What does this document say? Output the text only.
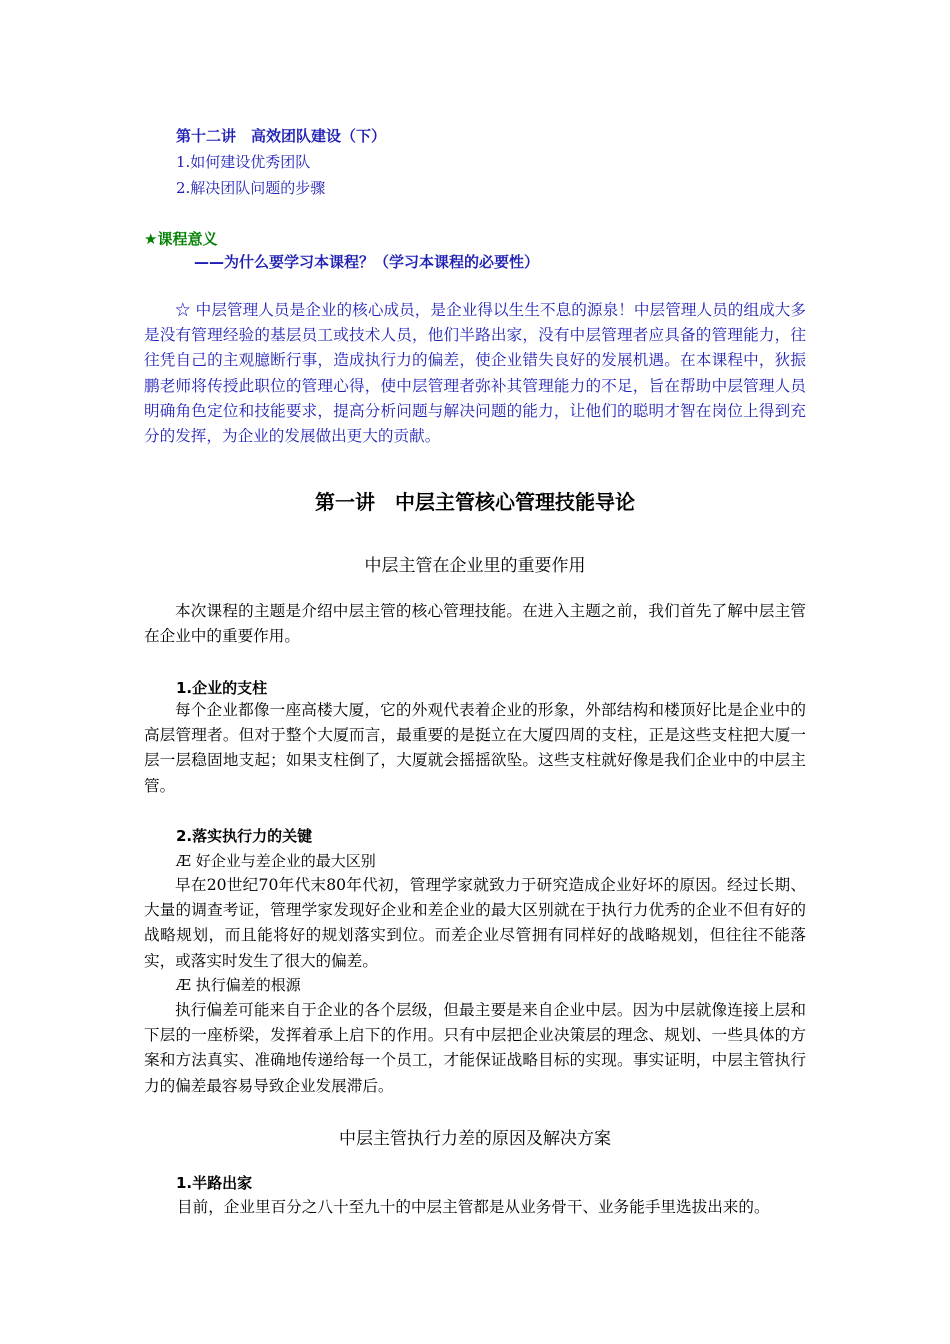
第十二讲　高效团队建设（下）
1.如何建设优秀团队
2.解决团队问题的步骤
★课程意义
——为什么要学习本课程？（学习本课程的必要性）

☆ 中层管理人员是企业的核心成员，是企业得以生生不息的源泉！中层管理人员的组成大多是没有管理经验的基层员工或技术人员，他们半路出家，没有中层管理者应具备的管理能力，往往凭自己的主观臆断行事，造成执行力的偏差，使企业错失良好的发展机遇。在本课程中，狄振鹏老师将传授此职位的管理心得，使中层管理者弥补其管理能力的不足，旨在帮助中层管理人员明确角色定位和技能要求，提高分析问题与解决问题的能力，让他们的聪明才智在岗位上得到充分的发挥，为企业的发展做出更大的贡献。

第一讲　中层主管核心管理技能导论
中层主管在企业里的重要作用

本次课程的主题是介绍中层主管的核心管理技能。在进入主题之前，我们首先了解中层主管在企业中的重要作用。

1.企业的支柱

每个企业都像一座高楼大厦，它的外观代表着企业的形象，外部结构和楼顶好比是企业中的高层管理者。但对于整个大厦而言，最重要的是挺立在大厦四周的支柱，正是这些支柱把大厦一层一层稳固地支起；如果支柱倒了，大厦就会摇摇欲坠。这些支柱就好像是我们企业中的中层主管。

2.落实执行力的关键
Æ 好企业与差企业的最大区别

早在20世纪70年代末80年代初，管理学家就致力于研究造成企业好坏的原因。经过长期、大量的调查考证，管理学家发现好企业和差企业的最大区别就在于执行力优秀的企业不但有好的战略规划，而且能将好的规划落实到位。而差企业尽管拥有同样好的战略规划，但往往不能落实，或落实时发生了很大的偏差。

Æ 执行偏差的根源

执行偏差可能来自于企业的各个层级，但最主要是来自企业中层。因为中层就像连接上层和下层的一座桥梁，发挥着承上启下的作用。只有中层把企业决策层的理念、规划、一些具体的方案和方法真实、准确地传递给每一个员工，才能保证战略目标的实现。事实证明，中层主管执行力的偏差最容易导致企业发展滞后。

中层主管执行力差的原因及解决方案
1.半路出家

目前，企业里百分之八十至九十的中层主管都是从业务骨干、业务能手里选拔出来的。
